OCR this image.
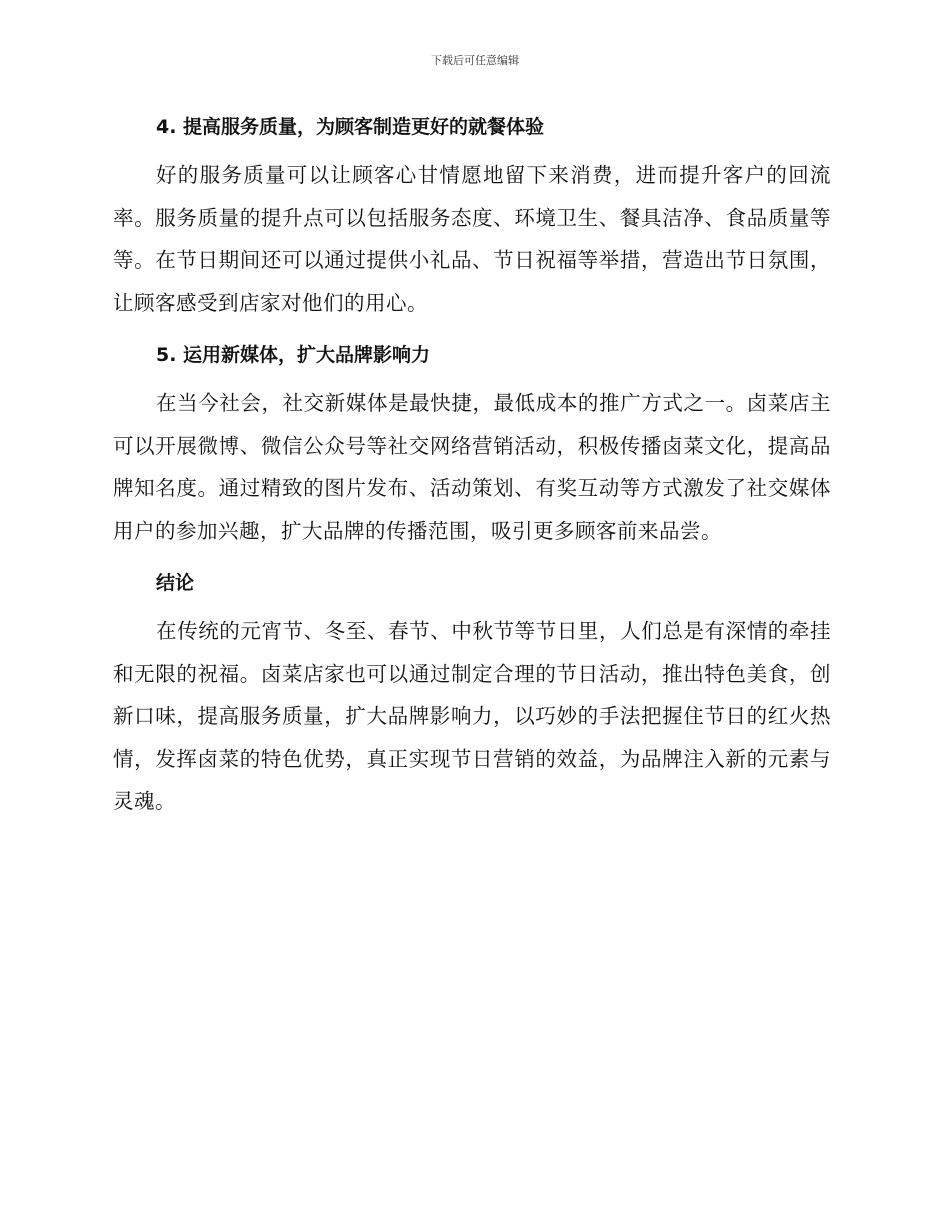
下载后可任意编辑
4. 提高服务质量，为顾客制造更好的就餐体验

好的服务质量可以让顾客心甘情愿地留下来消费，进而提升客户的回流率。服务质量的提升点可以包括服务态度、环境卫生、餐具洁净、食品质量等等。在节日期间还可以通过提供小礼品、节日祝福等举措，营造出节日氛围，让顾客感受到店家对他们的用心。

5. 运用新媒体，扩大品牌影响力

在当今社会，社交新媒体是最快捷，最低成本的推广方式之一。卤菜店主可以开展微博、微信公众号等社交网络营销活动，积极传播卤菜文化，提高品牌知名度。通过精致的图片发布、活动策划、有奖互动等方式激发了社交媒体用户的参加兴趣，扩大品牌的传播范围，吸引更多顾客前来品尝。

结论

在传统的元宵节、冬至、春节、中秋节等节日里，人们总是有深情的牵挂和无限的祝福。卤菜店家也可以通过制定合理的节日活动，推出特色美食，创新口味，提高服务质量，扩大品牌影响力，以巧妙的手法把握住节日的红火热情，发挥卤菜的特色优势，真正实现节日营销的效益，为品牌注入新的元素与灵魂。
